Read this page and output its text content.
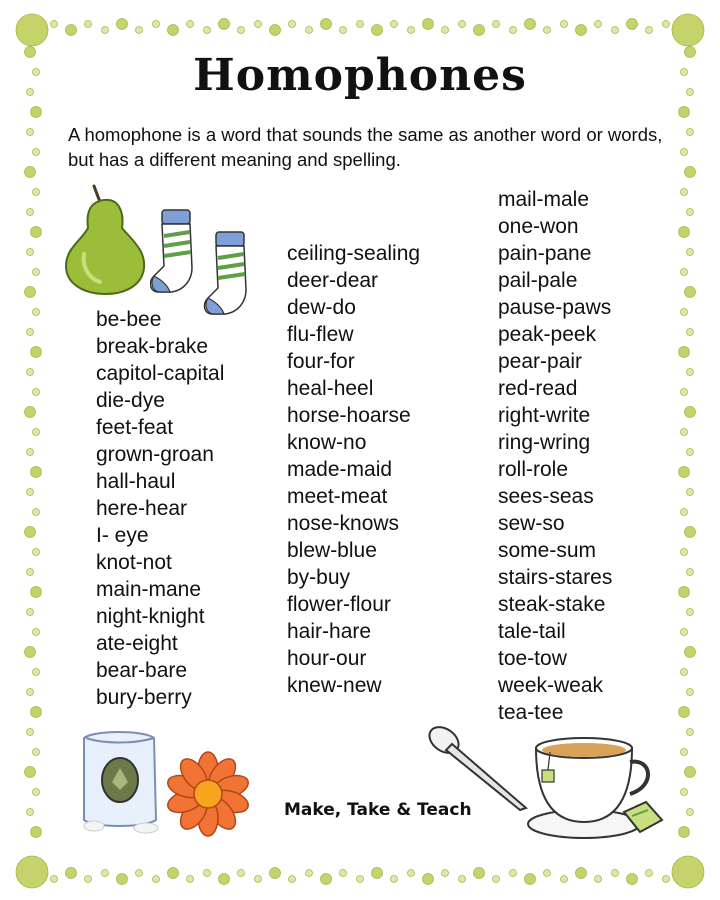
Homophones
A homophone is a word that sounds the same as another word or words, but has a different meaning and spelling.
be-bee
break-brake
capitol-capital
die-dye
feet-feat
grown-groan
hall-haul
here-hear
I- eye
knot-not
main-mane
night-knight
ate-eight
bear-bare
bury-berry
ceiling-sealing
deer-dear
dew-do
flu-flew
four-for
heal-heel
horse-hoarse
know-no
made-maid
meet-meat
nose-knows
blew-blue
by-buy
flower-flour
hair-hare
hour-our
knew-new
mail-male
one-won
pain-pane
pail-pale
pause-paws
peak-peek
pear-pair
red-read
right-write
ring-wring
roll-role
sees-seas
sew-so
some-sum
stairs-stares
steak-stake
tale-tail
toe-tow
week-weak
tea-tee
Make, Take & Teach
